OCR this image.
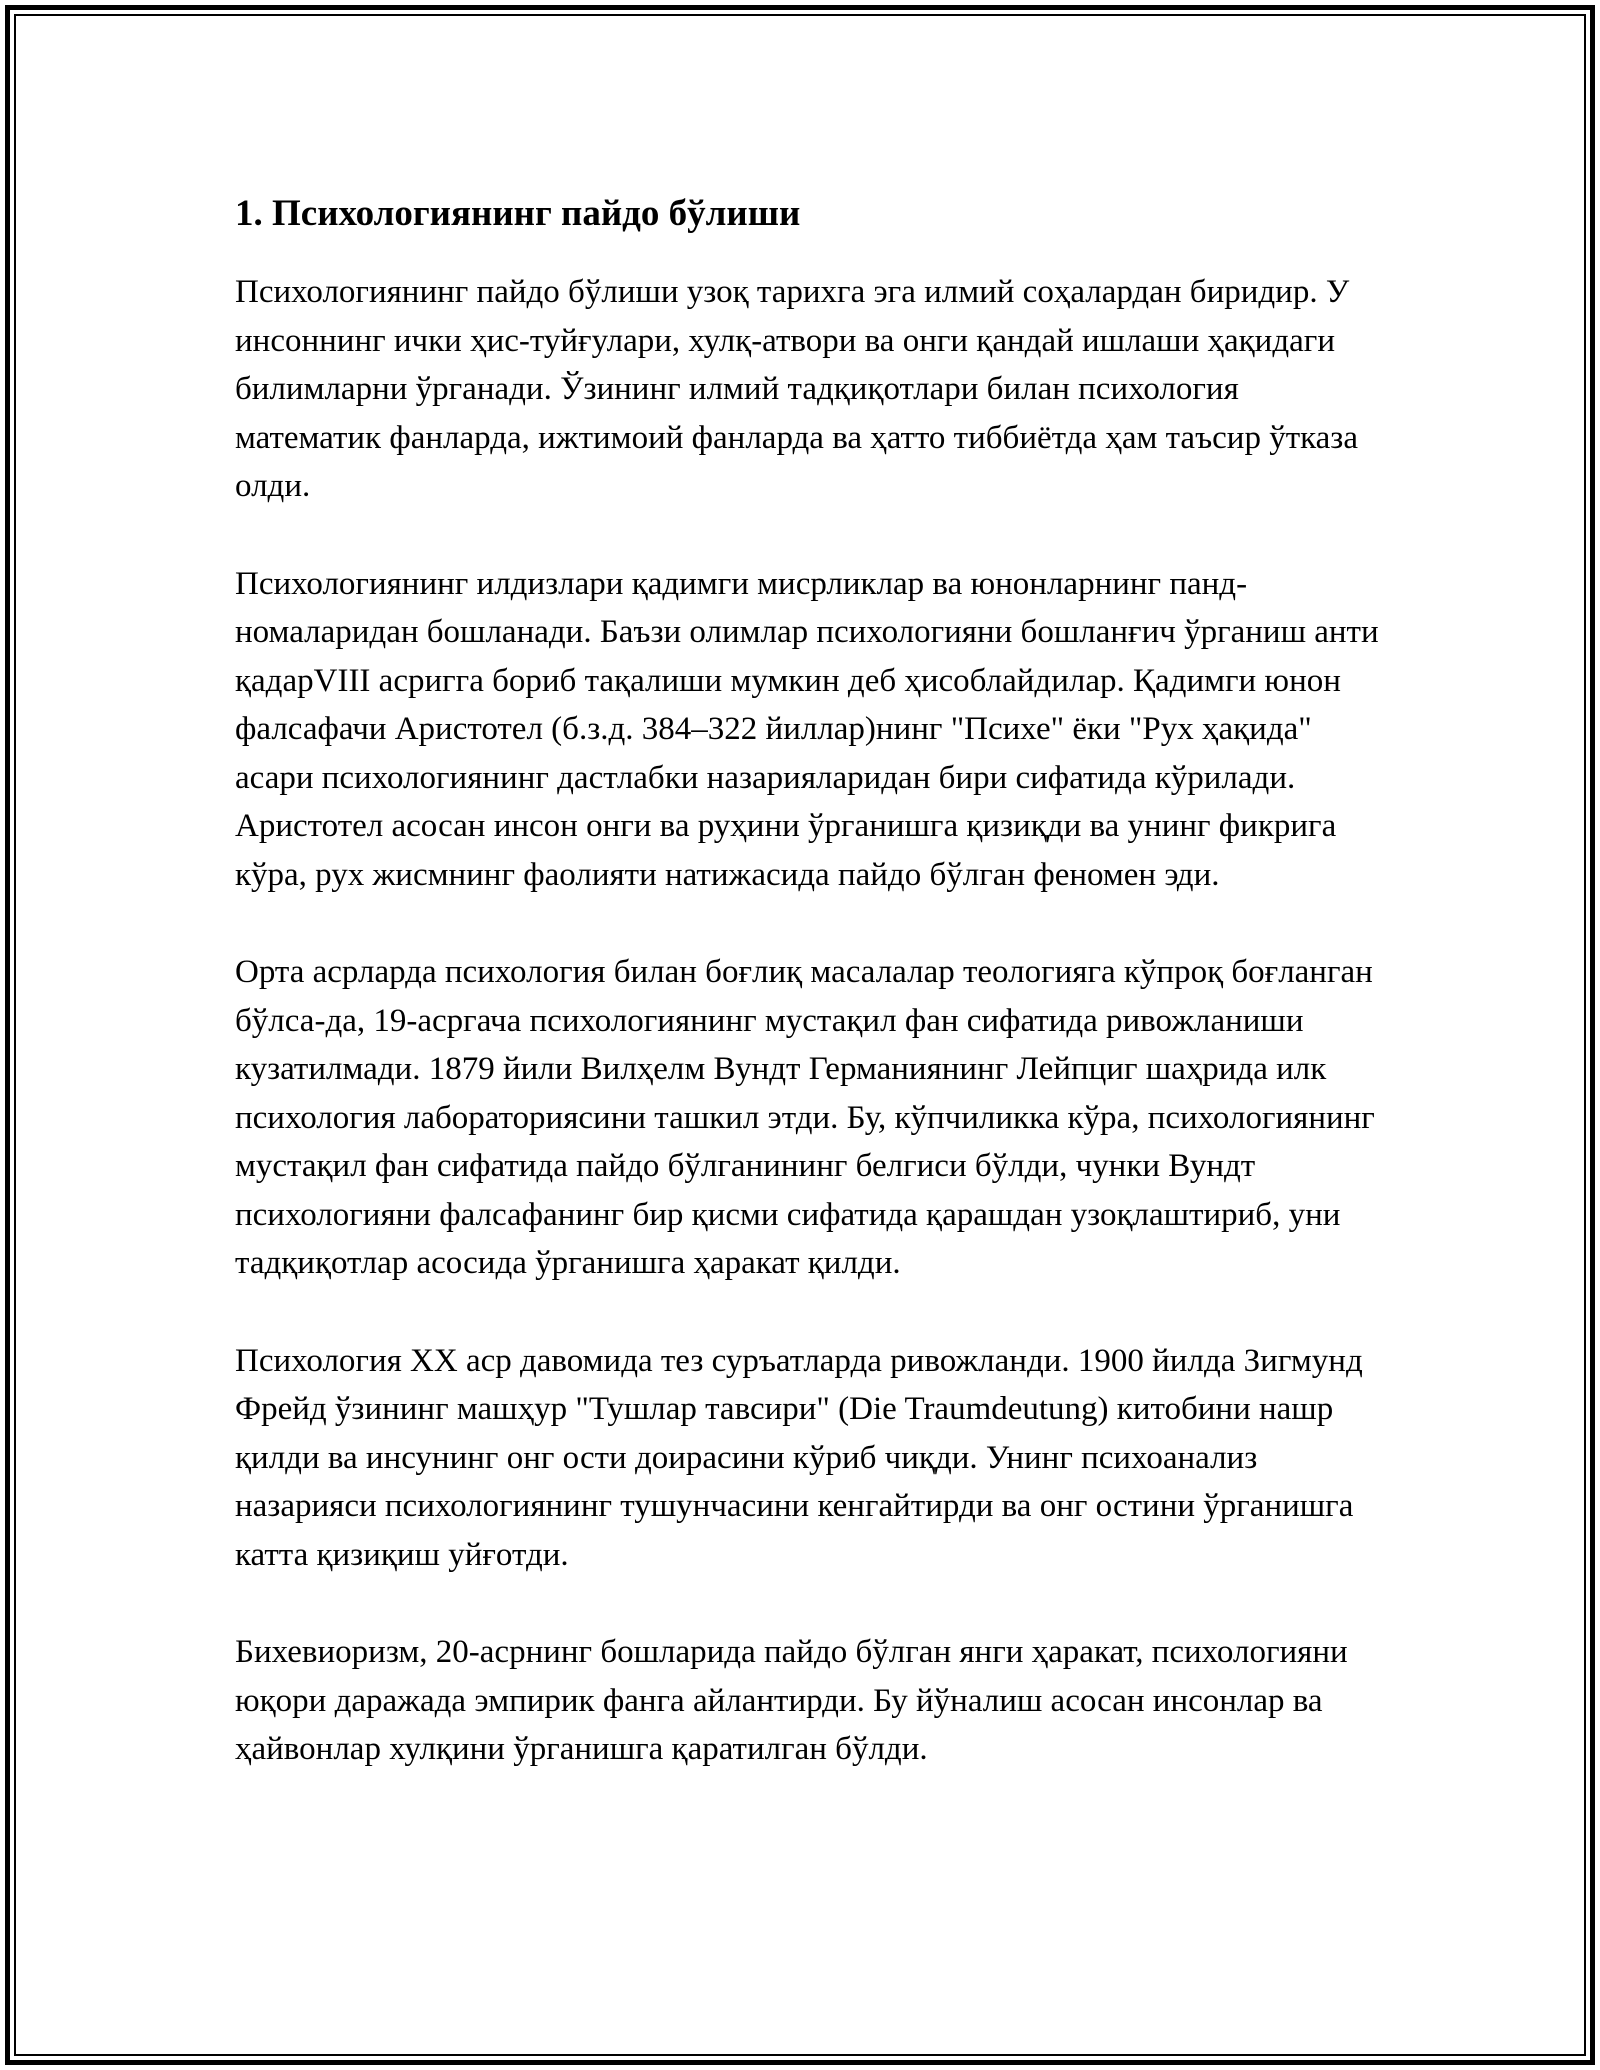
1. Психологиянинг пайдо бўлиши

Психологиянинг пайдо бўлиши узоқ тарихга эга илмий соҳалардан биридир. У инсоннинг ички ҳис-туйғулари, хулқ-атвори ва онги қандай ишлаши ҳақидаги билимларни ўрганади. Ўзининг илмий тадқиқотлари билан психология математик фанларда, ижтимоий фанларда ва ҳатто тиббиётда ҳам таъсир ўтказа олди.

Психологиянинг илдизлари қадимги мисрликлар ва юнонларнинг панд-номаларидан бошланади. Баъзи олимлар психологияни бошланғич ўрганиш анти қадарVIII асригга бориб тақалиши мумкин деб ҳисоблайдилар. Қадимги юнон фалсафачи Аристотел (б.з.д. 384–322 йиллар)нинг "Психе" ёки "Рух ҳақида" асари психологиянинг дастлабки назарияларидан бири сифатида кўрилади. Аристотел асосан инсон онги ва руҳини ўрганишга қизиқди ва унинг фикрига кўра, рух жисмнинг фаолияти натижасида пайдо бўлган феномен эди.

Орта асрларда психология билан боғлиқ масалалар теологияга кўпроқ боғланган бўлса-да, 19-асргача психологиянинг мустақил фан сифатида ривожланиши кузатилмади. 1879 йили Вилҳелм Вундт Германиянинг Лейпциг шаҳрида илк психология лабораториясини ташкил этди. Бу, кўпчиликка кўра, психологиянинг мустақил фан сифатида пайдо бўлганининг белгиси бўлди, чунки Вундт психологияни фалсафанинг бир қисми сифатида қарашдан узоқлаштириб, уни тадқиқотлар асосида ўрганишга ҳаракат қилди.

Психология XX аср давомида тез суръатларда ривожланди. 1900 йилда Зигмунд Фрейд ўзининг машҳур "Тушлар тавсири" (Die Traumdeutung) китобини нашр қилди ва инсунинг онг ости доирасини кўриб чиқди. Унинг психоанализ назарияси психологиянинг тушунчасини кенгайтирди ва онг остини ўрганишга катта қизиқиш уйғотди.

Бихевиоризм, 20-асрнинг бошларида пайдо бўлган янги ҳаракат, психологияни юқори даражада эмпирик фанга айлантирди. Бу йўналиш асосан инсонлар ва ҳайвонлар хулқини ўрганишга қаратилган бўлди.
